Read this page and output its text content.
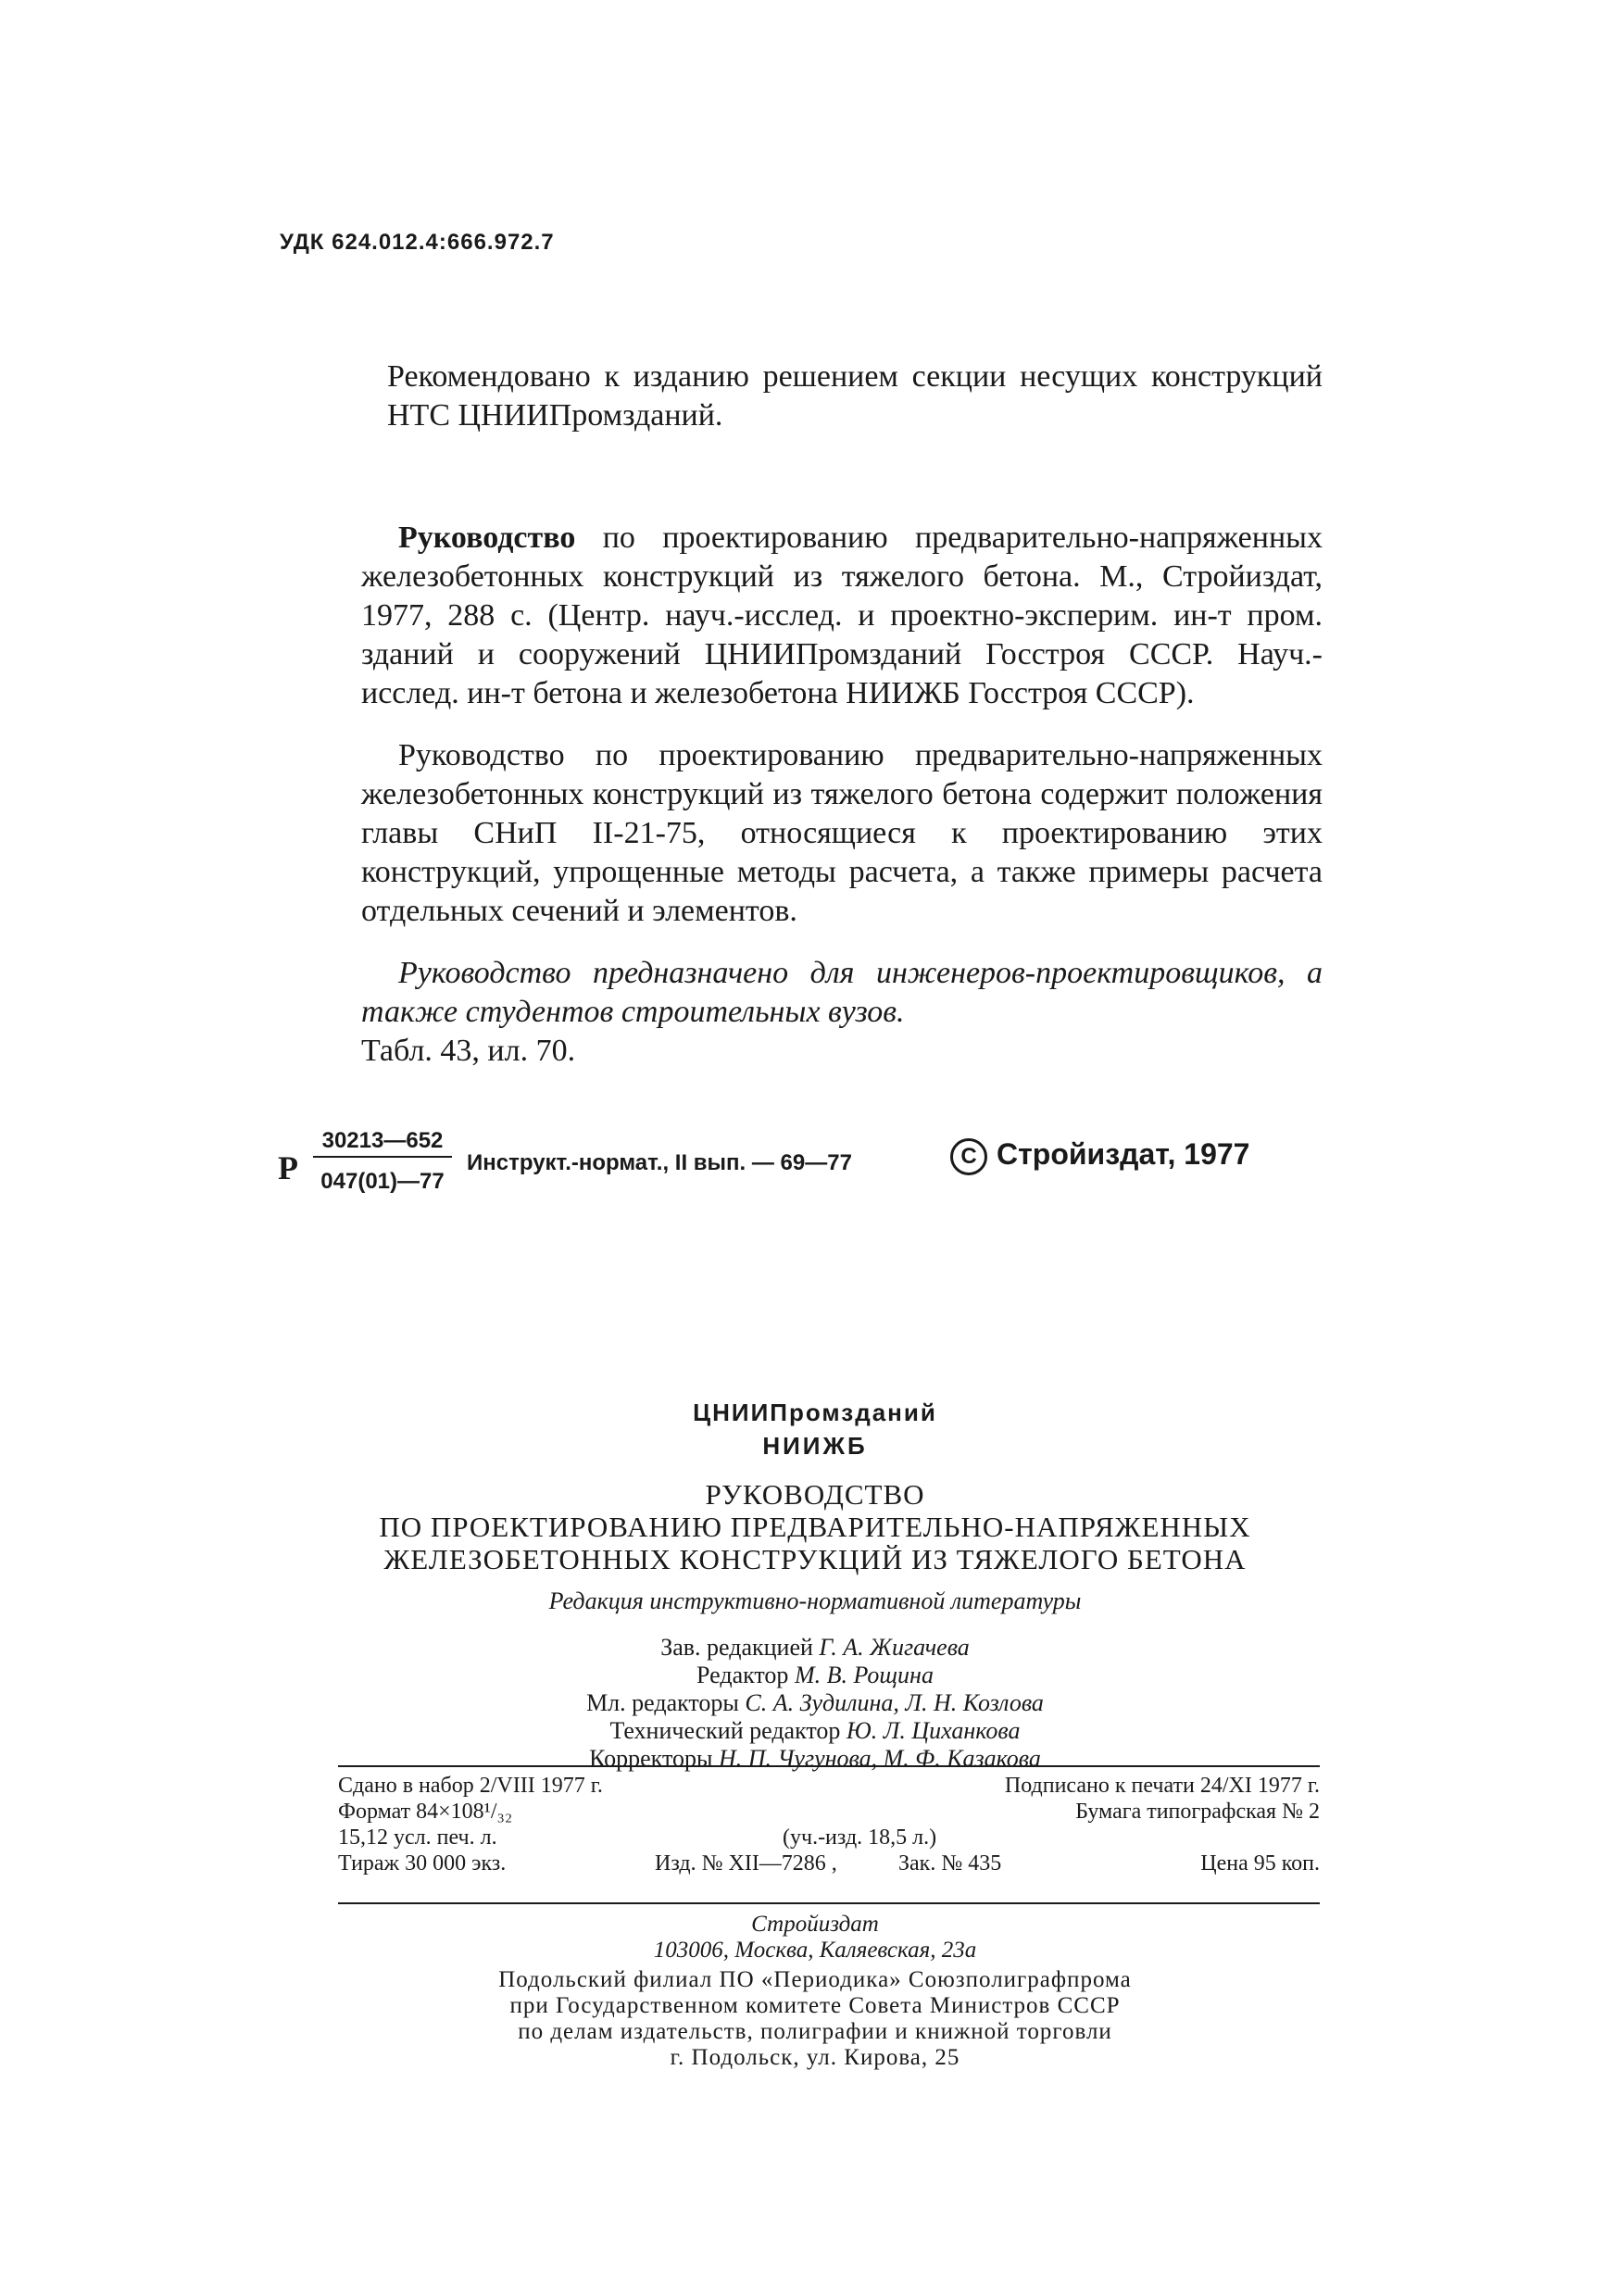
УДК 624.012.4:666.972.7
Рекомендовано к изданию решением секции несущих конструкций НТС ЦНИИПромзданий.

Руководство по проектированию предварительно-напряженных железобетонных конструкций из тяжелого бетона. М., Стройиздат, 1977, 288 с. (Центр. науч.-исслед. и проектно-эксперим. ин-т пром. зданий и сооружений ЦНИИПромзданий Госстроя СССР. Науч.-исслед. ин-т бетона и железобетона НИИЖБ Госстроя СССР).

Руководство по проектированию предварительно-напряженных железобетонных конструкций из тяжелого бетона содержит положения главы СНиП II-21-75, относящиеся к проектированию этих конструкций, упрощенные методы расчета, а также примеры расчета отдельных сечений и элементов.

Руководство предназначено для инженеров-проектировщиков, а также студентов строительных вузов.

Табл. 43, ил. 70.

Р
30213—652
047(01)—77
Инструкт.-нормат., II вып. — 69—77	C Стройиздат, 1977
ЦНИИПромзданий
НИИЖБ
РУКОВОДСТВО
ПО ПРОЕКТИРОВАНИЮ ПРЕДВАРИТЕЛЬНО-НАПРЯЖЕННЫХ
ЖЕЛЕЗОБЕТОННЫХ КОНСТРУКЦИЙ ИЗ ТЯЖЕЛОГО БЕТОНА
Редакция инструктивно-нормативной литературы
Зав. редакцией Г. А. Жигачева
Редактор М. В. Рощина
Мл. редакторы С. А. Зудилина, Л. Н. Козлова
Технический редактор Ю. Л. Циханкова
Корректоры Н. П. Чугунова, М. Ф. Казакова
Сдано в набор 2/VIII 1977 г.	Подписано к печати 24/XI 1977 г.
Формат 84×108¹/₃₂	Бумага типографская № 2
15,12 усл. печ. л.	(уч.-изд. 18,5 л.)
Тираж 30 000 экз.	Изд. № XII—7286 ,	Зак. № 435	Цена 95 коп.
Стройиздат
103006, Москва, Каляевская, 23а
Подольский филиал ПО «Периодика» Союзполиграфпрома
при Государственном комитете Совета Министров СССР
по делам издательств, полиграфии и книжной торговли
г. Подольск, ул. Кирова, 25
